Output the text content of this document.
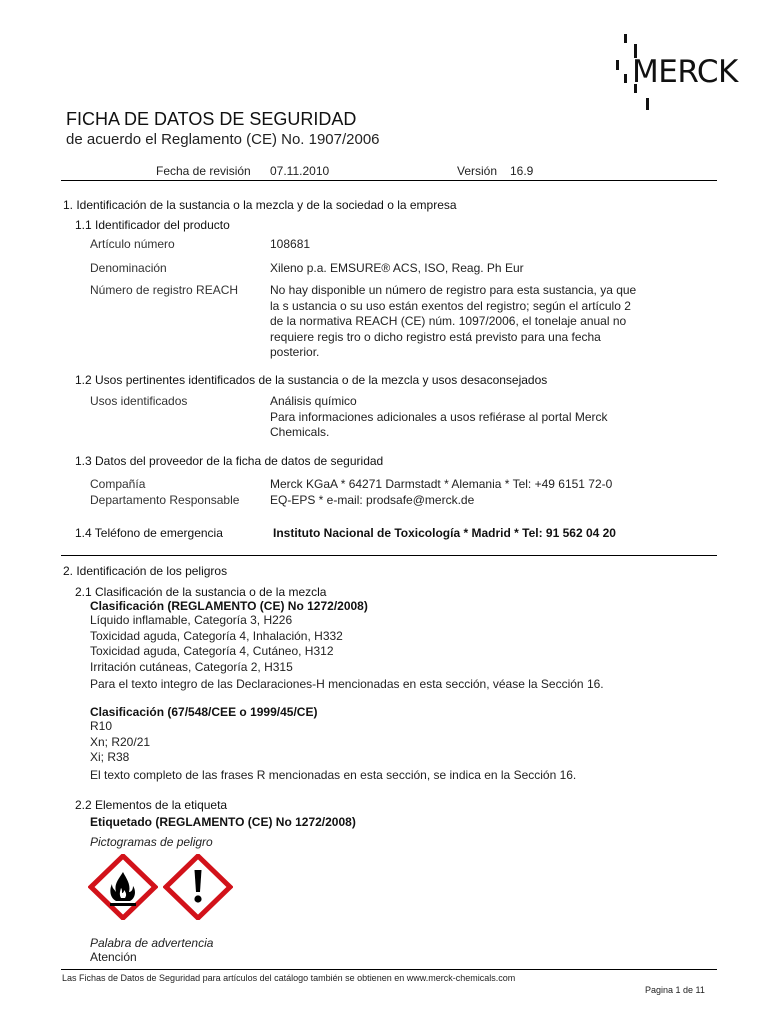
MERCK
FICHA DE DATOS DE SEGURIDAD
de acuerdo el Reglamento (CE) No. 1907/2006
Fecha de revisión 07.11.2010	Versión 16.9
1. Identificación de la sustancia o la mezcla y de la sociedad o la empresa
1.1 Identificador del producto
Artículo número	108681
Denominación	Xileno p.a. EMSURE® ACS, ISO, Reag. Ph Eur
Número de registro REACH	No hay disponible un número de registro para esta sustancia, ya que
la s ustancia o su uso están exentos del registro; según el artículo 2
de la normativa REACH (CE) núm. 1097/2006, el tonelaje anual no
requiere regis tro o dicho registro está previsto para una fecha
posterior.
1.2 Usos pertinentes identificados de la sustancia o de la mezcla y usos desaconsejados
Usos identificados	Análisis químico
Para informaciones adicionales a usos refiérase al portal Merck
Chemicals.
1.3 Datos del proveedor de la ficha de datos de seguridad
Compañía	Merck KGaA * 64271 Darmstadt * Alemania * Tel: +49 6151 72-0
Departamento Responsable	EQ-EPS * e-mail: prodsafe@merck.de
1.4 Teléfono de emergencia	Instituto Nacional de Toxicología * Madrid * Tel: 91 562 04 20
2. Identificación de los peligros
2.1 Clasificación de la sustancia o de la mezcla
Clasificación (REGLAMENTO (CE) No 1272/2008)
Líquido inflamable, Categoría 3, H226
Toxicidad aguda, Categoría 4, Inhalación, H332
Toxicidad aguda, Categoría 4, Cutáneo, H312
Irritación cutáneas, Categoría 2, H315
Para el texto integro de las Declaraciones-H mencionadas en esta sección, véase la Sección 16.
Clasificación (67/548/CEE o 1999/45/CE)
R10
Xn; R20/21
Xi; R38
El texto completo de las frases R mencionadas en esta sección, se indica en la Sección 16.
2.2 Elementos de la etiqueta
Etiquetado (REGLAMENTO (CE) No 1272/2008)
Pictogramas de peligro
Palabra de advertencia
Atención
Las Fichas de Datos de Seguridad para artículos del catálogo también se obtienen en www.merck-chemicals.com
Pagina 1 de 11
